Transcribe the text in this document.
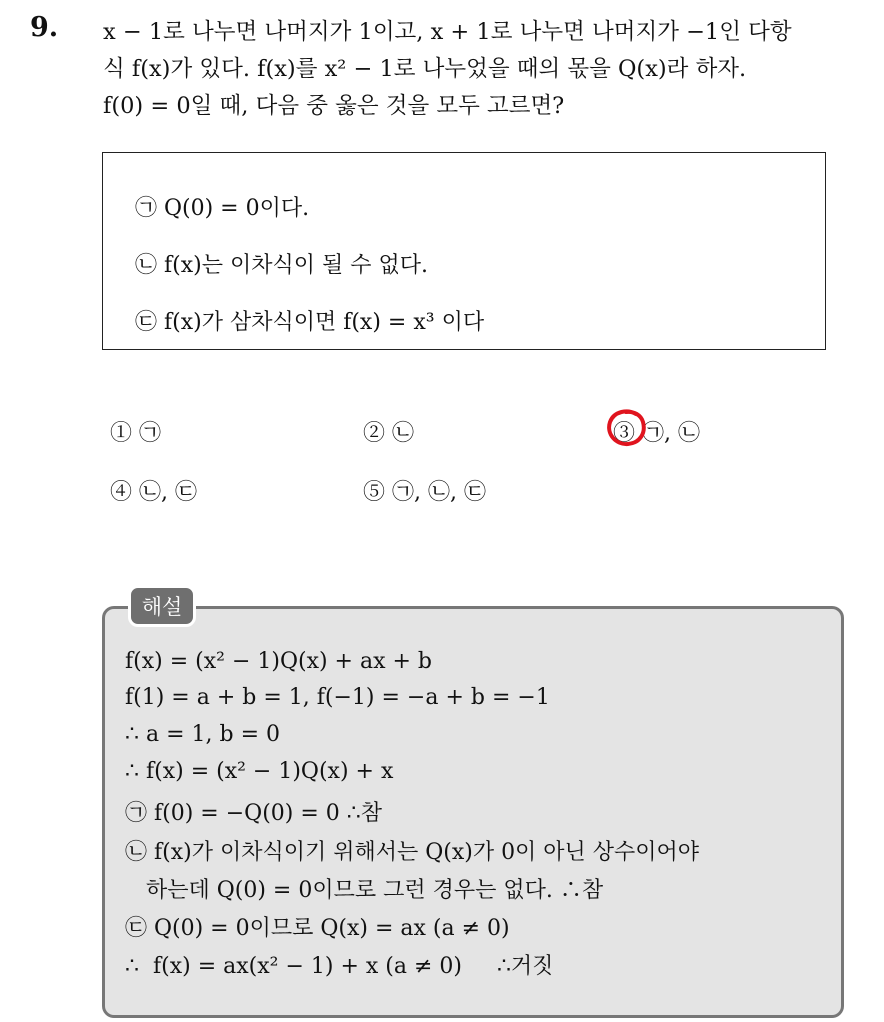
9. x − 1로 나누면 나머지가 1이고, x + 1로 나누면 나머지가 −1인 다항
식 f(x)가 있다. f(x)를 x² − 1로 나누었을 때의 몫을 Q(x)라 하자.
f(0) = 0일 때, 다음 중 옳은 것을 모두 고르면?
㉠ Q(0) = 0이다.
㉡ f(x)는 이차식이 될 수 없다.
㉢ f(x)가 삼차식이면 f(x) = x³ 이다
① ㉠	② ㉡	③ ㉠, ㉡
④ ㉡, ㉢	⑤ ㉠, ㉡, ㉢
해설
f(x) = (x² − 1)Q(x) + ax + b
f(1) = a + b = 1, f(−1) = −a + b = −1
∴ a = 1, b = 0
∴ f(x) = (x² − 1)Q(x) + x
㉠ f(0) = −Q(0) = 0 ∴참
㉡ f(x)가 이차식이기 위해서는 Q(x)가 0이 아닌 상수이어야
하는데 Q(0) = 0이므로 그런 경우는 없다. ∴참
㉢ Q(0) = 0이므로 Q(x) = ax (a ≠ 0)
∴  f(x) = ax(x² − 1) + x (a ≠ 0)     ∴거짓
